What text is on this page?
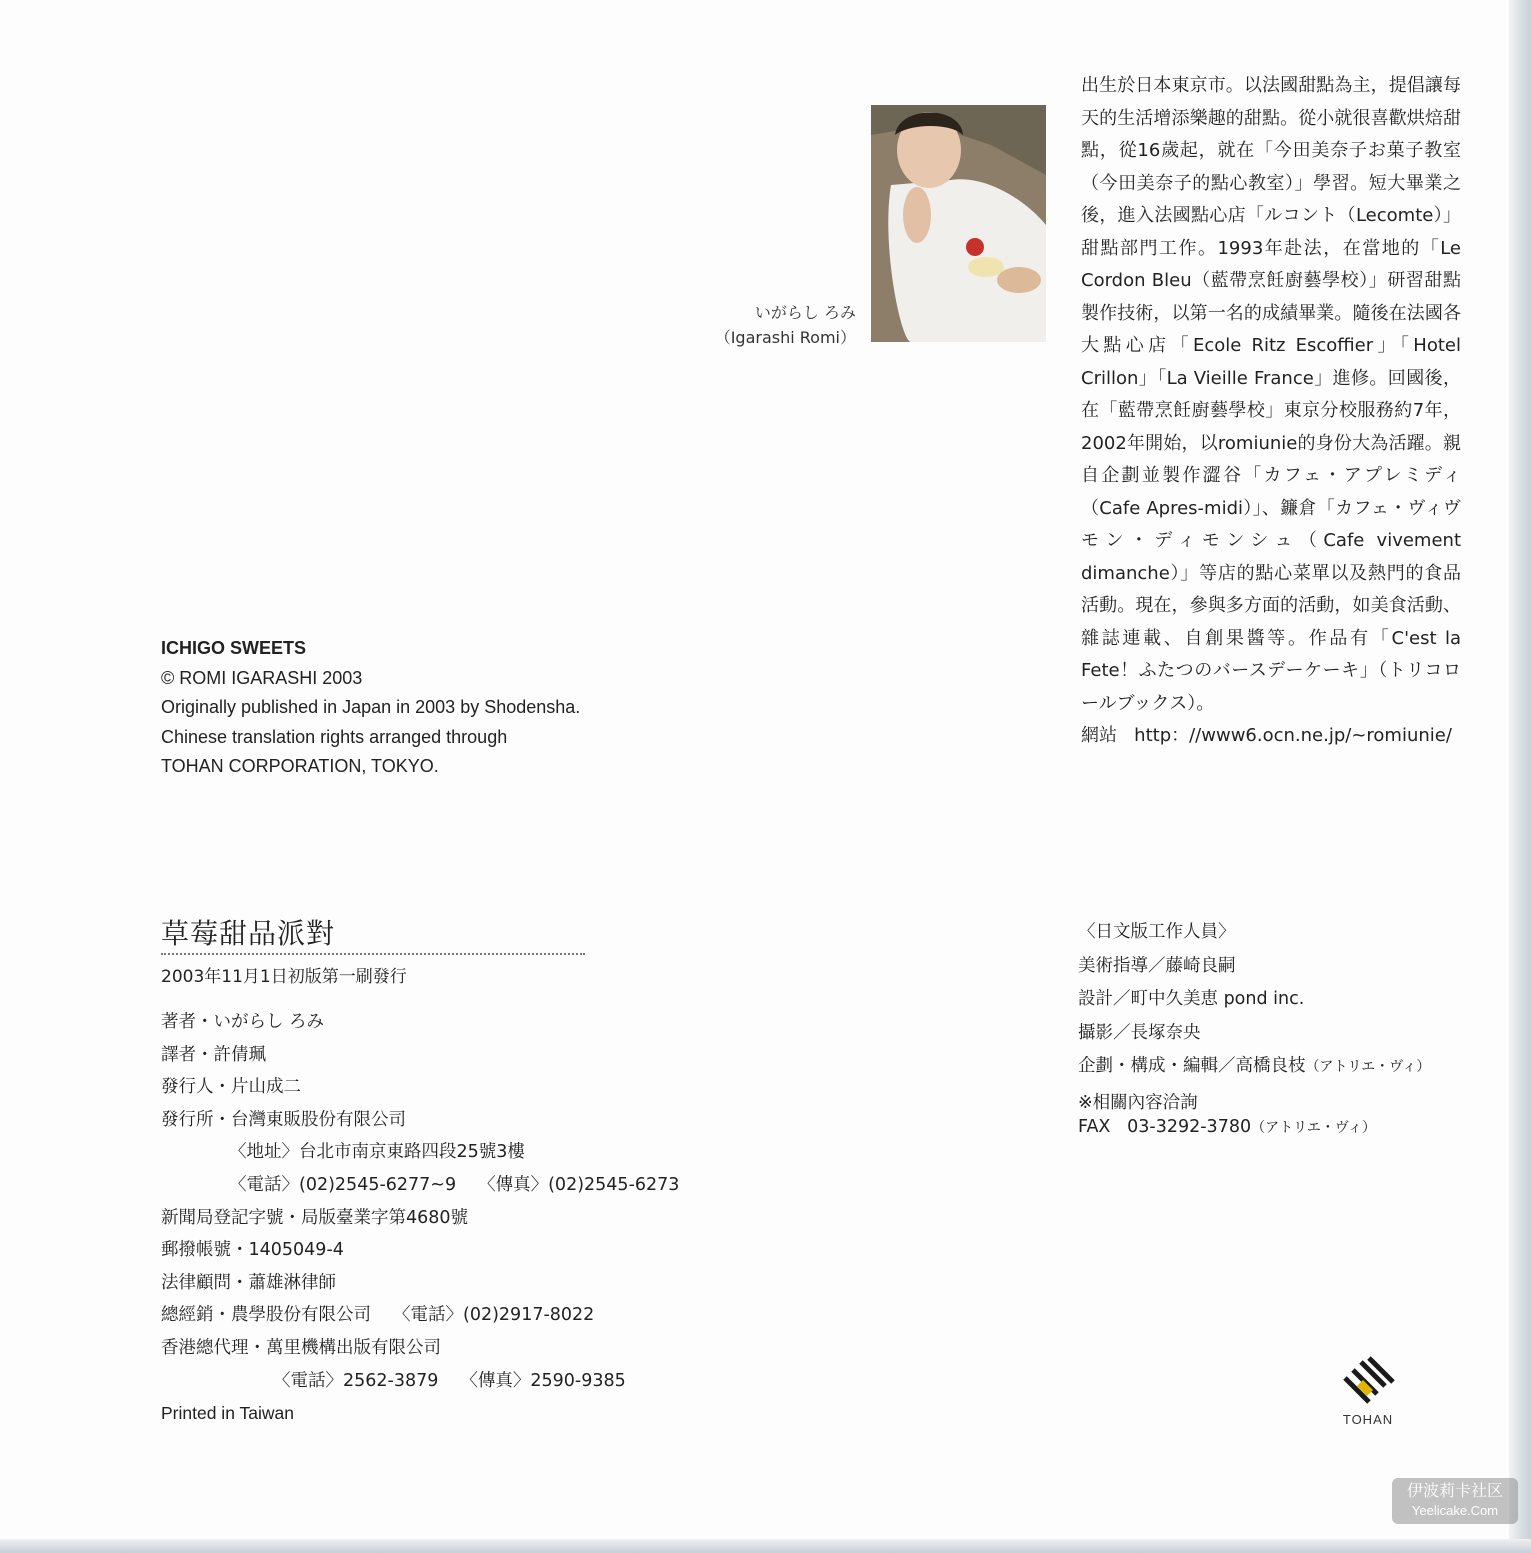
いがらし ろみ
（Igarashi Romi）

出生於日本東京市。以法國甜點為主，提倡讓每天的生活增添樂趣的甜點。從小就很喜歡烘焙甜點，從16歲起，就在「今田美奈子お菓子教室（今田美奈子的點心教室）」學習。短大畢業之後，進入法國點心店「ルコント（Lecomte）」甜點部門工作。1993年赴法，在當地的「Le Cordon Bleu（藍帶烹飪廚藝學校）」研習甜點製作技術，以第一名的成績畢業。隨後在法國各大點心店「Ecole Ritz Escoffier」「Hotel Crillon」「La Vieille France」進修。回國後，在「藍帶烹飪廚藝學校」東京分校服務約7年，2002年開始，以romiunie的身份大為活躍。親自企劃並製作澀谷「カフェ・アプレミディ（Cafe Apres-midi）」、鐮倉「カフェ・ヴィヴモン・ディモンシュ（Cafe vivement dimanche）」等店的點心菜單以及熱門的食品活動。現在，參與多方面的活動，如美食活動、雜誌連載、自創果醬等。作品有「C'est la Fete！ふたつのバースデーケーキ」（トリコロールブックス）。

網站 http：//www6.ocn.ne.jp/~romiunie/

ICHIGO SWEETS
© ROMI IGARASHI 2003
Originally published in Japan in 2003 by Shodensha.
Chinese translation rights arranged through
TOHAN CORPORATION, TOKYO.
草莓甜品派對
2003年11月1日初版第一刷發行
著者・いがらし ろみ
譯者・許倩珮
發行人・片山成二
發行所・台灣東販股份有限公司
〈地址〉台北市南京東路四段25號3樓
〈電話〉(02)2545-6277~9 〈傳真〉(02)2545-6273
新聞局登記字號・局版臺業字第4680號
郵撥帳號・1405049-4
法律顧問・蕭雄淋律師
總經銷・農學股份有限公司 〈電話〉(02)2917-8022
香港總代理・萬里機構出版有限公司
〈電話〉2562-3879 〈傳真〉2590-9385
Printed in Taiwan
〈日文版工作人員〉
美術指導／藤崎良嗣
設計／町中久美恵 pond inc.
攝影／長塚奈央
企劃・構成・編輯／高橋良枝（アトリエ・ヴィ）
※相關內容洽詢
FAX 03-3292-3780（アトリエ・ヴィ）
TOHAN
伊波莉卡社区
Yeelicake.Com
